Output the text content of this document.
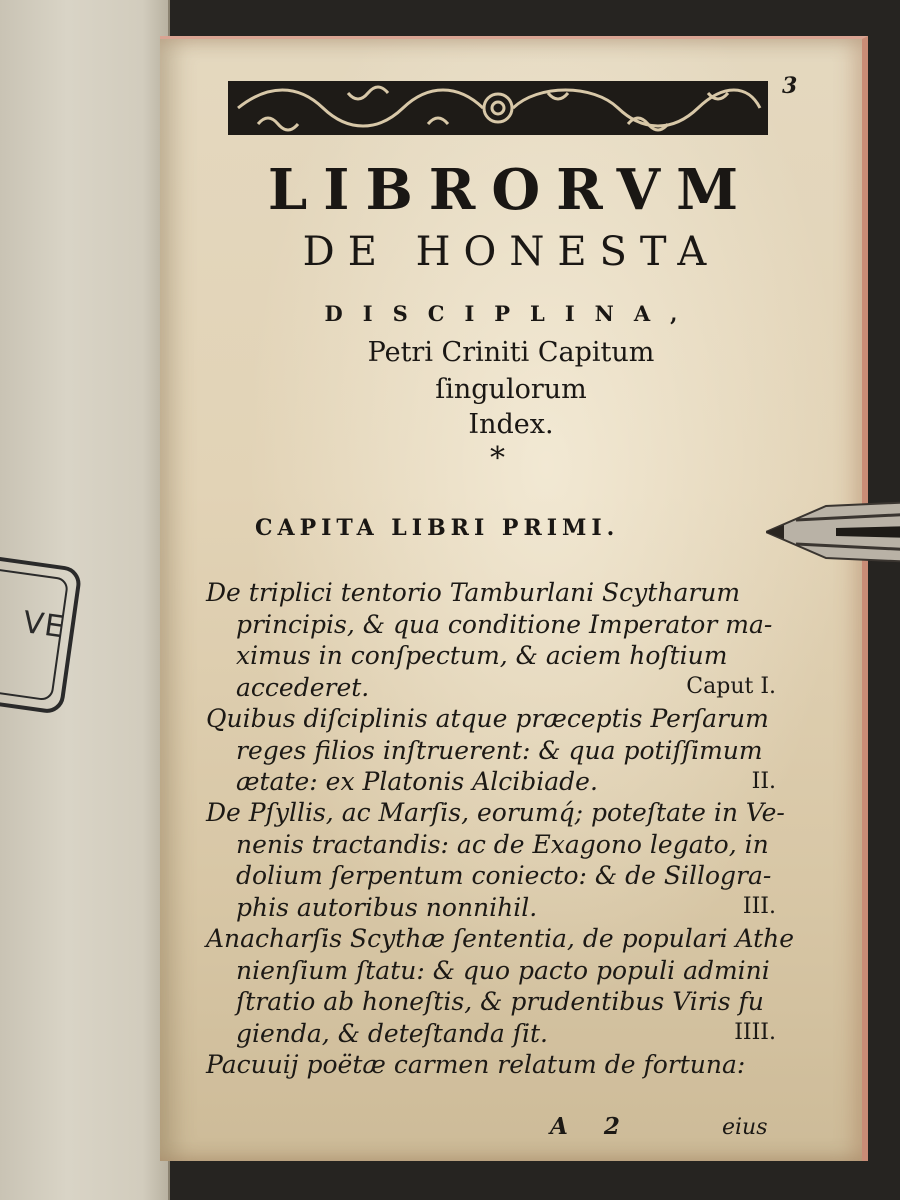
VE
3

LIBRORVM

DE HONESTA

DISCIPLINA,

Petri Criniti Capitum

ſingulorum

Index.

*
CAPITA LIBRI PRIMI.
De triplici tentorio Tamburlani Scytharum
principis, & qua conditione Imperator ma-
ximus in conſpectum, & aciem hoſtium
accederet.	Caput I.
Quibus diſciplinis atque præceptis Perſarum
reges filios inſtruerent: & qua potiſſimum
ætate: ex Platonis Alcibiade.	II.
De Pſyllis, ac Marſis, eorumq́; poteſtate in Ve-
nenis tractandis: ac de Exagono legato, in
dolium ſerpentum coniecto: & de Sillogra-
phis autoribus nonnihil.	III.
Anacharſis Scythæ ſententia, de populari Athe
nienſium ſtatu: & quo pacto populi admini
ſtratio ab honeſtis, & prudentibus Viris fu
gienda, & deteſtanda ſit.	IIII.
Pacuuij poëtæ carmen relatum de fortuna:
A 2	eius
